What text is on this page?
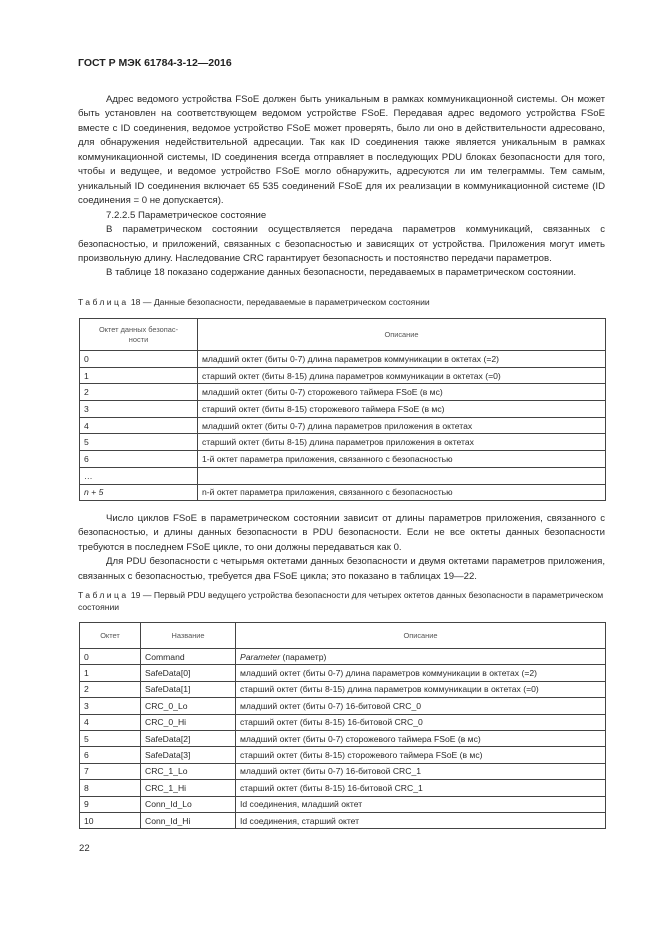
ГОСТ Р МЭК 61784-3-12—2016

Адрес ведомого устройства FSoE должен быть уникальным в рамках коммуникационной системы. Он может быть установлен на соответствующем ведомом устройстве FSoE. Передавая адрес ведомого устройства FSoE вместе с ID соединения, ведомое устройство FSoE может проверять, было ли оно в действительности адресовано, для обнаружения недействительной адресации. Так как ID соединения также является уникальным в рамках коммуникационной системы, ID соединения всегда отправляет в последующих PDU блоках безопасности для того, чтобы и ведущее, и ведомое устройство FSoE могло обнаружить, адресуются ли им телеграммы. Тем самым, уникальный ID соединения включает 65 535 соединений FSoE для их реализации в коммуникационной системе (ID соединения = 0 не допускается).

7.2.2.5 Параметрическое состояние

В параметрическом состоянии осуществляется передача параметров коммуникаций, связанных с безопасностью, и приложений, связанных с безопасностью и зависящих от устройства. Приложения могут иметь произвольную длину. Наследование CRC гарантирует безопасность и постоянство передачи параметров.

В таблице 18 показано содержание данных безопасности, передаваемых в параметрическом состоянии.

Таблица 18 — Данные безопасности, передаваемые в параметрическом состоянии
Октет данных безопас-ности	Описание
0	младший октет (биты 0-7) длина параметров коммуникации в октетах (=2)
1	старший октет (биты 8-15) длина параметров коммуникации в октетах (=0)
2	младший октет (биты 0-7) сторожевого таймера FSoE (в мс)
3	старший октет (биты 8-15) сторожевого таймера FSoE (в мс)
4	младший октет (биты 0-7) длина параметров приложения в октетах
5	старший октет (биты 8-15) длина параметров приложения в октетах
6	1-й октет параметра приложения, связанного с безопасностью
…	
n + 5	n-й октет параметра приложения, связанного с безопасностью

Число циклов FSoE в параметрическом состоянии зависит от длины параметров приложения, связанного с безопасностью, и длины данных безопасности в PDU безопасности. Если не все октеты данных безопасности требуются в последнем FSoE цикле, то они должны передаваться как 0.

Для PDU безопасности с четырьмя октетами данных безопасности и двумя октетами параметров приложения, связанных с безопасностью, требуется два FSoE цикла; это показано в таблицах 19—22.

Таблица 19 — Первый PDU ведущего устройства безопасности для четырех октетов данных безопасности в параметрическом состоянии
Октет	Название	Описание
0	Command	Parameter (параметр)
1	SafeData[0]	младший октет (биты 0-7) длина параметров коммуникации в октетах (=2)
2	SafeData[1]	старший октет (биты 8-15) длина параметров коммуникации в октетах (=0)
3	CRC_0_Lo	младший октет (биты 0-7) 16-битовой CRC_0
4	CRC_0_Hi	старший октет (биты 8-15) 16-битовой CRC_0
5	SafeData[2]	младший октет (биты 0-7) сторожевого таймера FSoE (в мс)
6	SafeData[3]	старший октет (биты 8-15) сторожевого таймера FSoE (в мс)
7	CRC_1_Lo	младший октет (биты 0-7) 16-битовой CRC_1
8	CRC_1_Hi	старший октет (биты 8-15) 16-битовой CRC_1
9	Conn_Id_Lo	Id соединения, младший октет
10	Conn_Id_Hi	Id соединения, старший октет
22
